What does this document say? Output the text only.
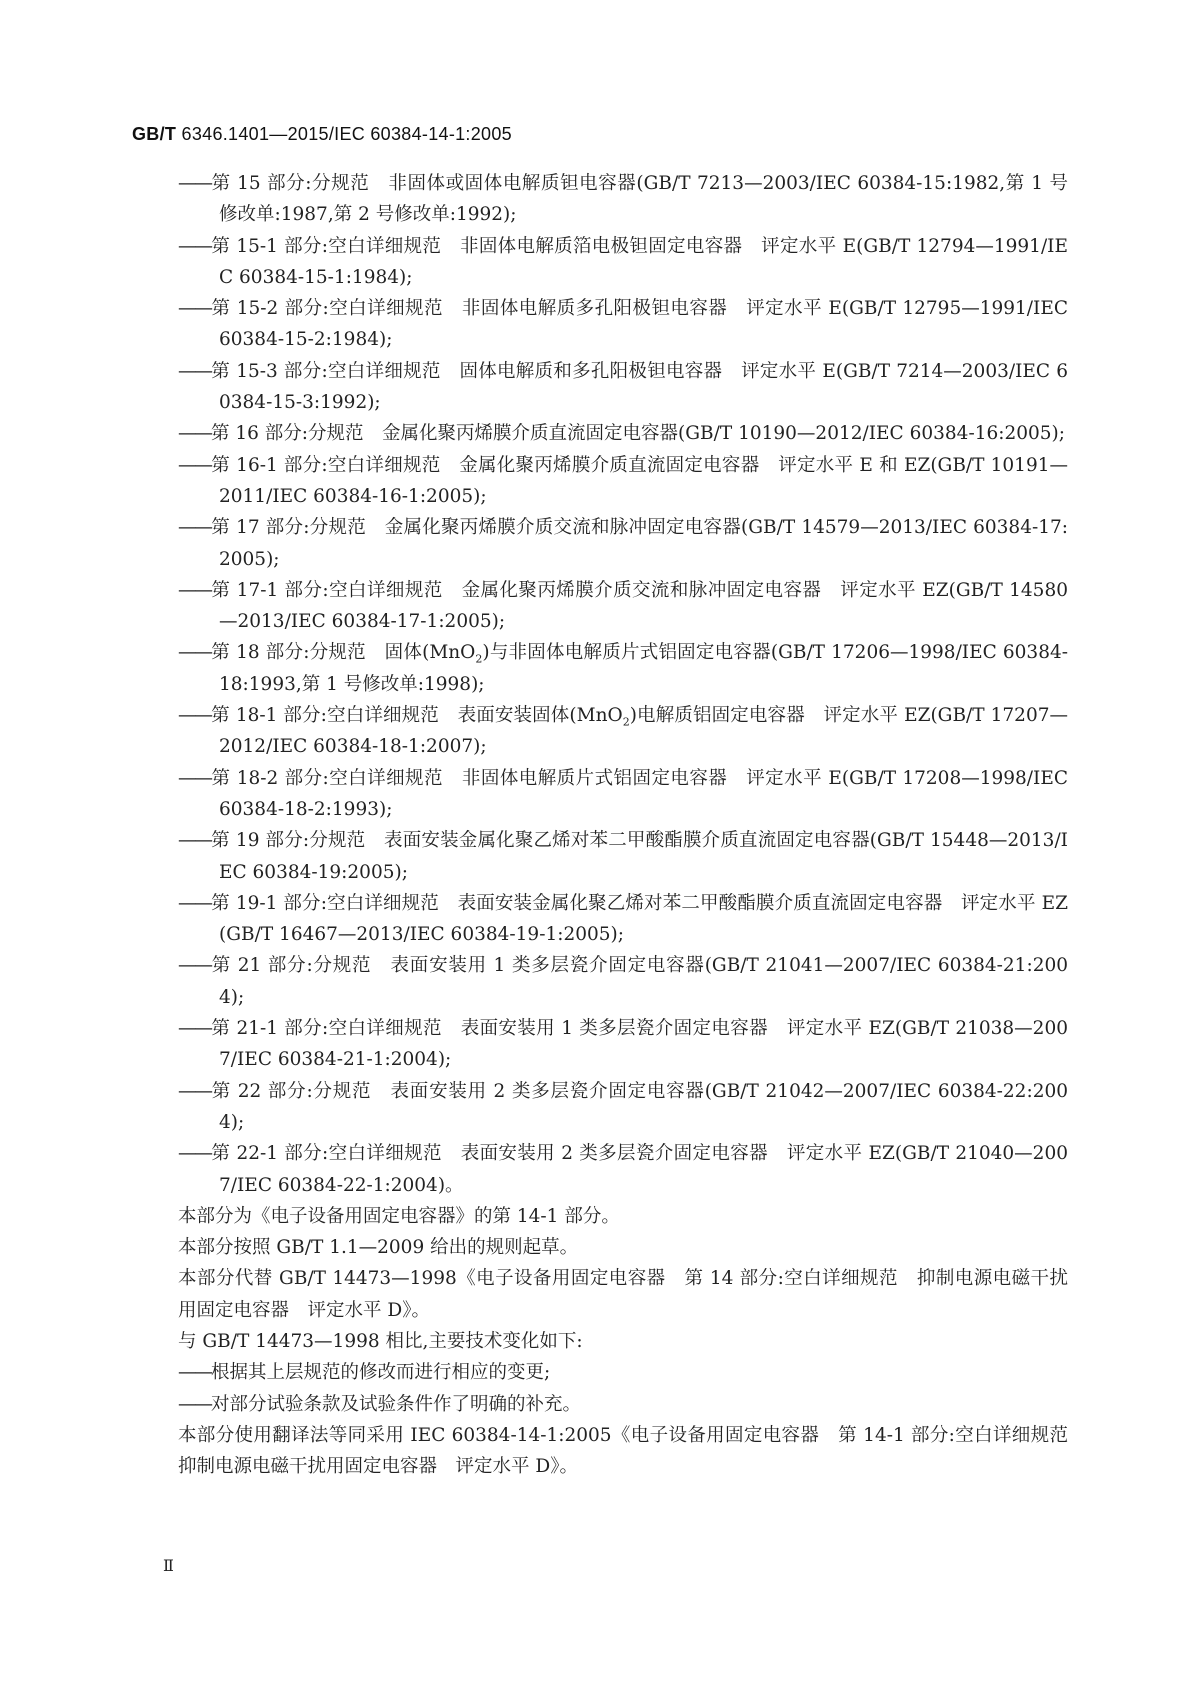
GB/T 6346.1401—2015/IEC 60384-14-1:2005
——第 15 部分:分规范　非固体或固体电解质钽电容器(GB/T 7213—2003/IEC 60384-15:1982,第 1 号修改单:1987,第 2 号修改单:1992);
——第 15-1 部分:空白详细规范　非固体电解质箔电极钽固定电容器　评定水平 E(GB/T 12794—1991/IEC 60384-15-1:1984);
——第 15-2 部分:空白详细规范　非固体电解质多孔阳极钽电容器　评定水平 E(GB/T 12795—1991/IEC 60384-15-2:1984);
——第 15-3 部分:空白详细规范　固体电解质和多孔阳极钽电容器　评定水平 E(GB/T 7214—2003/IEC 60384-15-3:1992);
——第 16 部分:分规范　金属化聚丙烯膜介质直流固定电容器(GB/T 10190—2012/IEC 60384-16:2005);
——第 16-1 部分:空白详细规范　金属化聚丙烯膜介质直流固定电容器　评定水平 E 和 EZ(GB/T 10191—2011/IEC 60384-16-1:2005);
——第 17 部分:分规范　金属化聚丙烯膜介质交流和脉冲固定电容器(GB/T 14579—2013/IEC 60384-17:2005);
——第 17-1 部分:空白详细规范　金属化聚丙烯膜介质交流和脉冲固定电容器　评定水平 EZ(GB/T 14580—2013/IEC 60384-17-1:2005);
——第 18 部分:分规范　固体(MnO$_2$)与非固体电解质片式铝固定电容器(GB/T 17206—1998/IEC 60384-18:1993,第 1 号修改单:1998);
——第 18-1 部分:空白详细规范　表面安装固体(MnO$_2$)电解质铝固定电容器　评定水平 EZ(GB/T 17207—2012/IEC 60384-18-1:2007);
——第 18-2 部分:空白详细规范　非固体电解质片式铝固定电容器　评定水平 E(GB/T 17208—1998/IEC 60384-18-2:1993);
——第 19 部分:分规范　表面安装金属化聚乙烯对苯二甲酸酯膜介质直流固定电容器(GB/T 15448—2013/IEC 60384-19:2005);
——第 19-1 部分:空白详细规范　表面安装金属化聚乙烯对苯二甲酸酯膜介质直流固定电容器　评定水平 EZ(GB/T 16467—2013/IEC 60384-19-1:2005);
——第 21 部分:分规范　表面安装用 1 类多层瓷介固定电容器(GB/T 21041—2007/IEC 60384-21:2004);
——第 21-1 部分:空白详细规范　表面安装用 1 类多层瓷介固定电容器　评定水平 EZ(GB/T 21038—2007/IEC 60384-21-1:2004);
——第 22 部分:分规范　表面安装用 2 类多层瓷介固定电容器(GB/T 21042—2007/IEC 60384-22:2004);
——第 22-1 部分:空白详细规范　表面安装用 2 类多层瓷介固定电容器　评定水平 EZ(GB/T 21040—2007/IEC 60384-22-1:2004)。
本部分为《电子设备用固定电容器》的第 14-1 部分。
本部分按照 GB/T 1.1—2009 给出的规则起草。
本部分代替 GB/T 14473—1998《电子设备用固定电容器　第 14 部分:空白详细规范　抑制电源电磁干扰用固定电容器　评定水平 D》。
与 GB/T 14473—1998 相比,主要技术变化如下:
——根据其上层规范的修改而进行相应的变更;
——对部分试验条款及试验条件作了明确的补充。
本部分使用翻译法等同采用 IEC 60384-14-1:2005《电子设备用固定电容器　第 14-1 部分:空白详细规范　抑制电源电磁干扰用固定电容器　评定水平 D》。
Ⅱ
